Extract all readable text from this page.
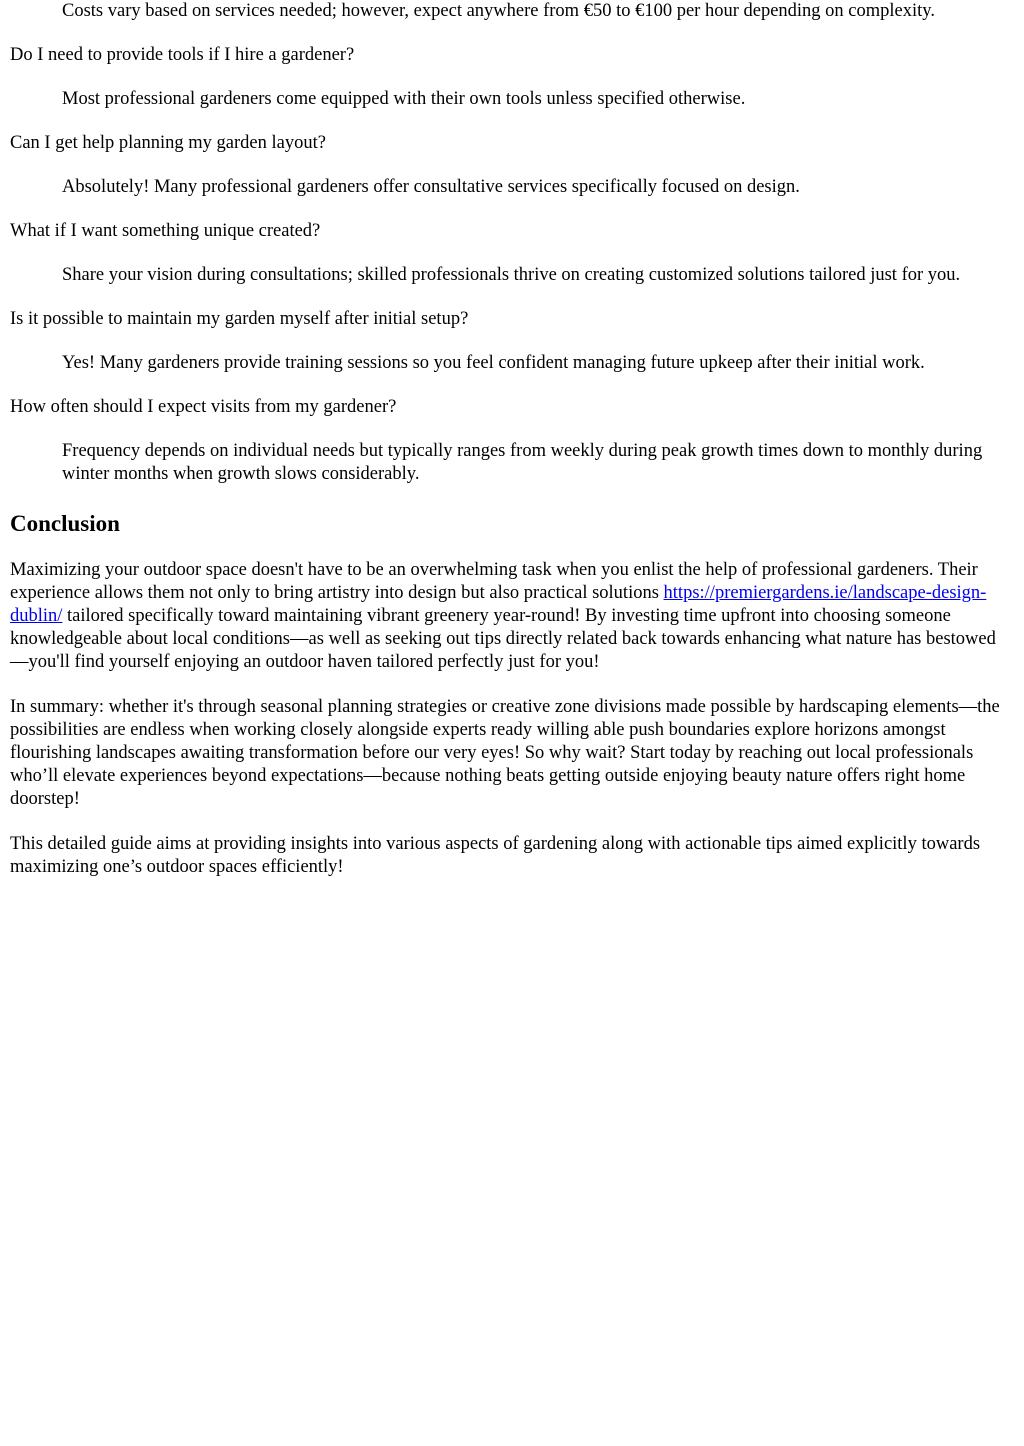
Costs vary based on services needed; however, expect anywhere from €50 to €100 per hour depending on complexity.
Do I need to provide tools if I hire a gardener?
Most professional gardeners come equipped with their own tools unless specified otherwise.
Can I get help planning my garden layout?
Absolutely! Many professional gardeners offer consultative services specifically focused on design.
What if I want something unique created?
Share your vision during consultations; skilled professionals thrive on creating customized solutions tailored just for you.
Is it possible to maintain my garden myself after initial setup?
Yes! Many gardeners provide training sessions so you feel confident managing future upkeep after their initial work.
How often should I expect visits from my gardener?
Frequency depends on individual needs but typically ranges from weekly during peak growth times down to monthly during winter months when growth slows considerably.
Conclusion

Maximizing your outdoor space doesn't have to be an overwhelming task when you enlist the help of professional gardeners. Their experience allows them not only to bring artistry into design but also practical solutions https://premiergardens.ie/landscape-design-dublin/ tailored specifically toward maintaining vibrant greenery year-round! By investing time upfront into choosing someone knowledgeable about local conditions—as well as seeking out tips directly related back towards enhancing what nature has bestowed—you'll find yourself enjoying an outdoor haven tailored perfectly just for you!

In summary: whether it's through seasonal planning strategies or creative zone divisions made possible by hardscaping elements—the possibilities are endless when working closely alongside experts ready willing able push boundaries explore horizons amongst flourishing landscapes awaiting transformation before our very eyes! So why wait? Start today by reaching out local professionals who’ll elevate experiences beyond expectations—because nothing beats getting outside enjoying beauty nature offers right home doorstep!

This detailed guide aims at providing insights into various aspects of gardening along with actionable tips aimed explicitly towards maximizing one’s outdoor spaces efficiently!
